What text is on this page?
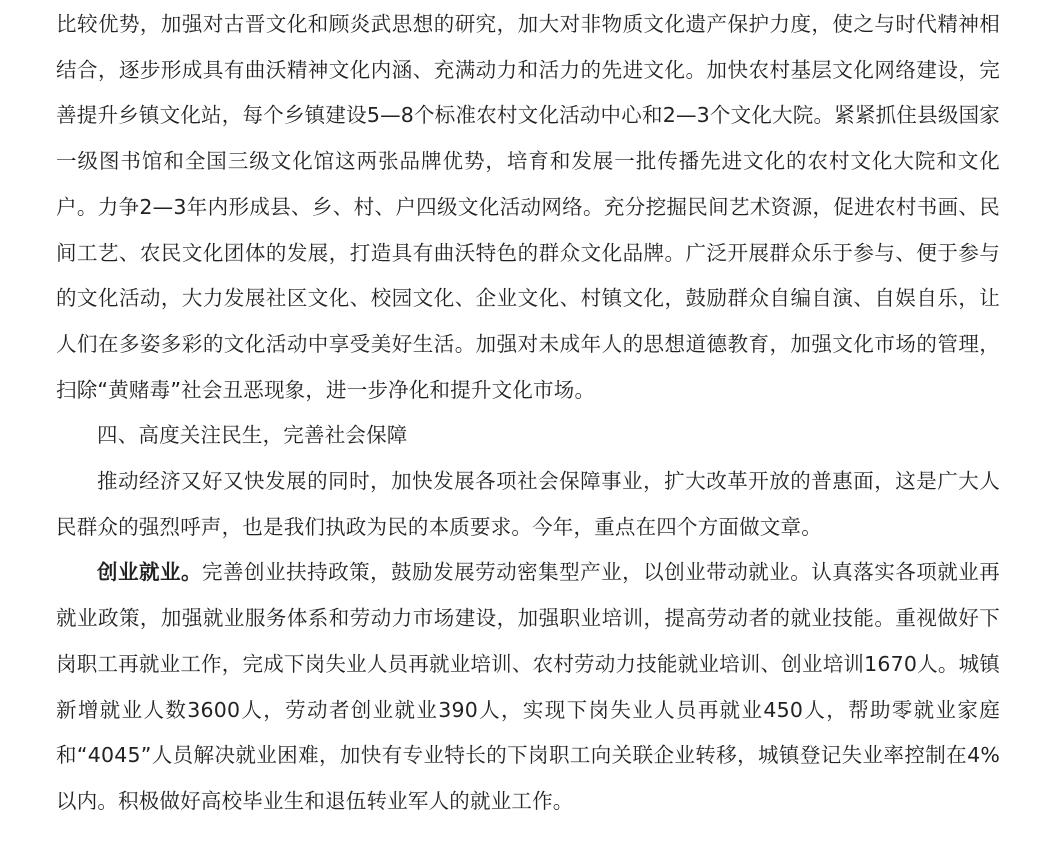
比较优势，加强对古晋文化和顾炎武思想的研究，加大对非物质文化遗产保护力度，使之与时代精神相结合，逐步形成具有曲沃精神文化内涵、充满动力和活力的先进文化。加快农村基层文化网络建设，完善提升乡镇文化站，每个乡镇建设5—8个标准农村文化活动中心和2—3个文化大院。紧紧抓住县级国家一级图书馆和全国三级文化馆这两张品牌优势，培育和发展一批传播先进文化的农村文化大院和文化户。力争2—3年内形成县、乡、村、户四级文化活动网络。充分挖掘民间艺术资源，促进农村书画、民间工艺、农民文化团体的发展，打造具有曲沃特色的群众文化品牌。广泛开展群众乐于参与、便于参与的文化活动，大力发展社区文化、校园文化、企业文化、村镇文化，鼓励群众自编自演、自娱自乐，让人们在多姿多彩的文化活动中享受美好生活。加强对未成年人的思想道德教育，加强文化市场的管理，扫除“黄赌毒”社会丑恶现象，进一步净化和提升文化市场。

四、高度关注民生，完善社会保障

推动经济又好又快发展的同时，加快发展各项社会保障事业，扩大改革开放的普惠面，这是广大人民群众的强烈呼声，也是我们执政为民的本质要求。今年，重点在四个方面做文章。

创业就业。完善创业扶持政策，鼓励发展劳动密集型产业，以创业带动就业。认真落实各项就业再就业政策，加强就业服务体系和劳动力市场建设，加强职业培训，提高劳动者的就业技能。重视做好下岗职工再就业工作，完成下岗失业人员再就业培训、农村劳动力技能就业培训、创业培训1670人。城镇新增就业人数3600人，劳动者创业就业390人，实现下岗失业人员再就业450人，帮助零就业家庭和“4045”人员解决就业困难，加快有专业特长的下岗职工向关联企业转移，城镇登记失业率控制在4%以内。积极做好高校毕业生和退伍转业军人的就业工作。
